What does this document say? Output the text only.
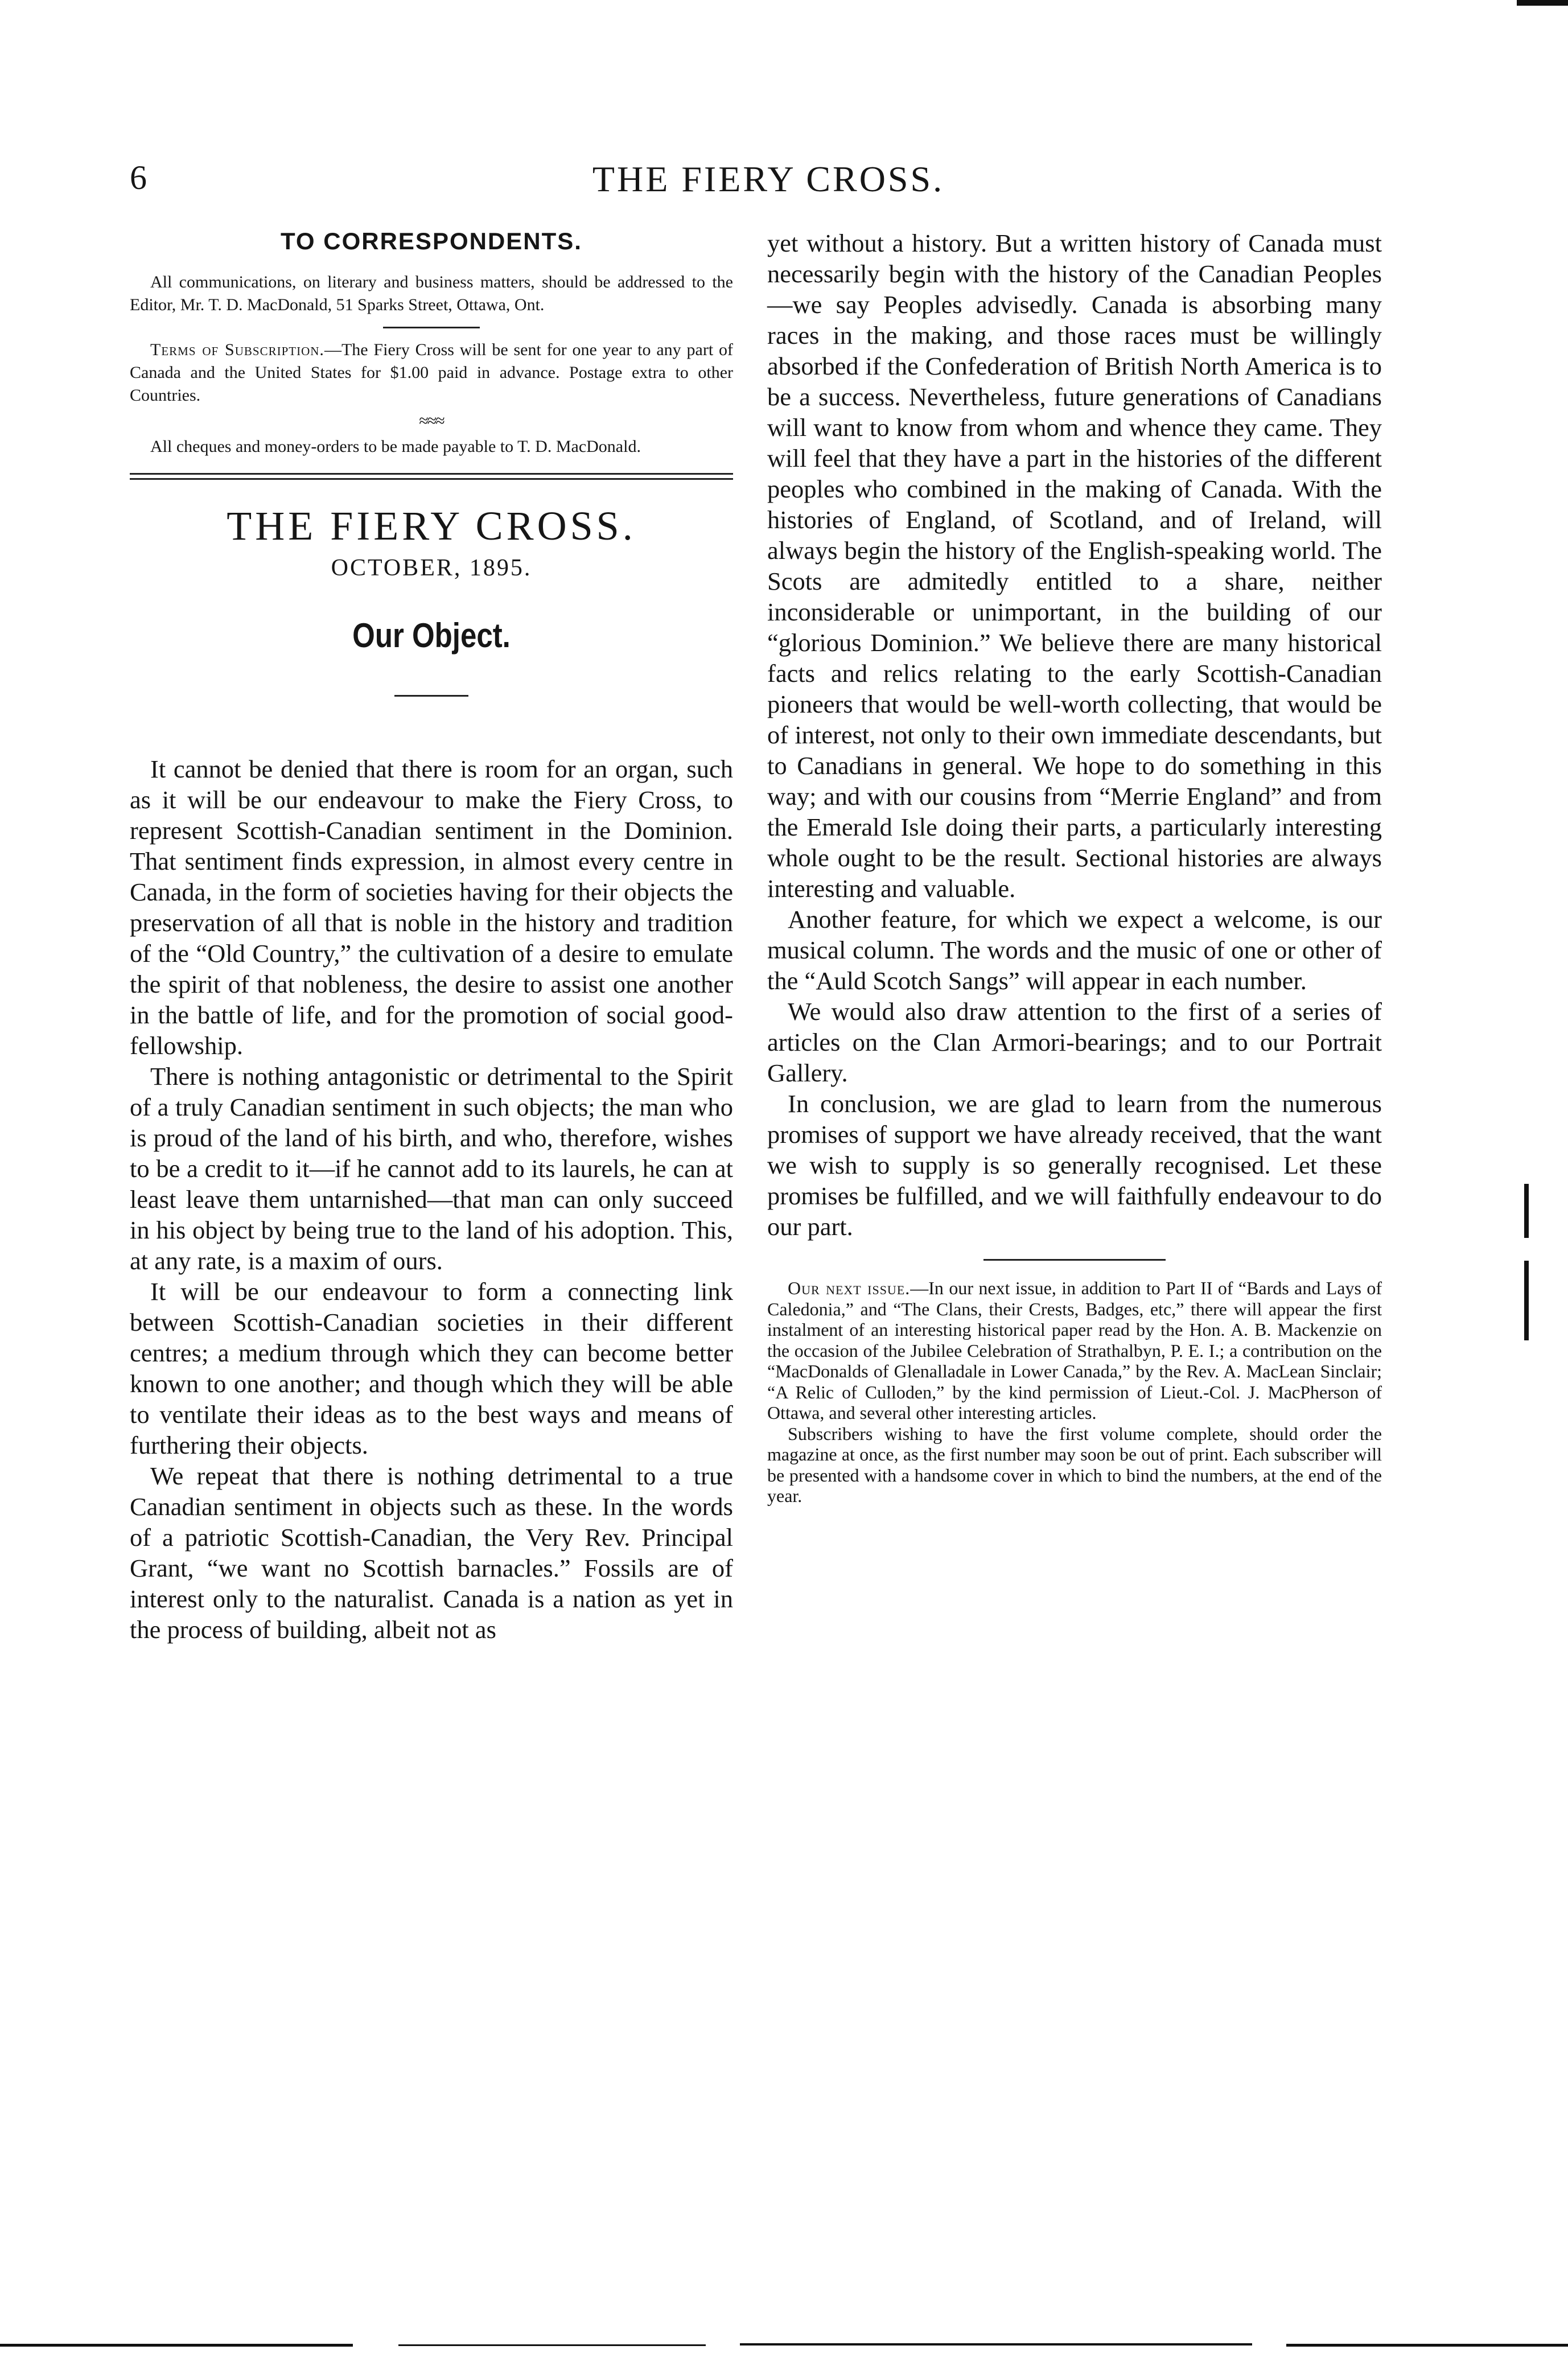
6	THE FIERY CROSS.
TO CORRESPONDENTS.

All communications, on literary and business matters, should be addressed to the Editor, Mr. T. D. MacDonald, 51 Sparks Street, Ottawa, Ont.

Terms of Subscription.—The Fiery Cross will be sent for one year to any part of Canada and the United States for $1.00 paid in advance. Postage extra to other Countries.

≈≈≈

All cheques and money-orders to be made payable to T. D. MacDonald.

THE FIERY CROSS.
OCTOBER, 1895.
Our Object.

It cannot be denied that there is room for an organ, such as it will be our endeavour to make the Fiery Cross, to represent Scottish-Canadian sentiment in the Dominion. That sentiment finds expression, in almost every centre in Canada, in the form of societies having for their objects the preservation of all that is noble in the history and tradition of the “Old Country,” the cultivation of a desire to emulate the spirit of that nobleness, the desire to assist one another in the battle of life, and for the promotion of social good-fellowship.

There is nothing antagonistic or detrimental to the Spirit of a truly Canadian sentiment in such objects; the man who is proud of the land of his birth, and who, therefore, wishes to be a credit to it—if he cannot add to its laurels, he can at least leave them untarnished—that man can only succeed in his object by being true to the land of his adoption. This, at any rate, is a maxim of ours.

It will be our endeavour to form a connecting link between Scottish-Canadian societies in their different centres; a medium through which they can become better known to one another; and though which they will be able to ventilate their ideas as to the best ways and means of furthering their objects.

We repeat that there is nothing detrimental to a true Canadian sentiment in objects such as these. In the words of a patriotic Scottish-Canadian, the Very Rev. Principal Grant, “we want no Scottish barnacles.” Fossils are of interest only to the naturalist. Canada is a nation as yet in the process of building, albeit not as

yet without a history. But a written history of Canada must necessarily begin with the history of the Canadian Peoples—we say Peoples advisedly. Canada is absorbing many races in the making, and those races must be willingly absorbed if the Confederation of British North America is to be a success. Nevertheless, future generations of Canadians will want to know from whom and whence they came. They will feel that they have a part in the histories of the different peoples who combined in the making of Canada. With the histories of England, of Scotland, and of Ireland, will always begin the history of the English-speaking world. The Scots are admitedly entitled to a share, neither inconsiderable or unimportant, in the building of our “glorious Dominion.” We believe there are many historical facts and relics relating to the early Scottish-Canadian pioneers that would be well-worth collecting, that would be of interest, not only to their own immediate descendants, but to Canadians in general. We hope to do something in this way; and with our cousins from “Merrie England” and from the Emerald Isle doing their parts, a particularly interesting whole ought to be the result. Sectional histories are always interesting and valuable.

Another feature, for which we expect a welcome, is our musical column. The words and the music of one or other of the “Auld Scotch Sangs” will appear in each number.

We would also draw attention to the first of a series of articles on the Clan Armori-bearings; and to our Portrait Gallery.

In conclusion, we are glad to learn from the numerous promises of support we have already received, that the want we wish to supply is so generally recognised. Let these promises be fulfilled, and we will faithfully endeavour to do our part.

Our next issue.—In our next issue, in addition to Part II of “Bards and Lays of Caledonia,” and “The Clans, their Crests, Badges, etc,” there will appear the first instalment of an interesting historical paper read by the Hon. A. B. Mackenzie on the occasion of the Jubilee Celebration of Strathalbyn, P. E. I.; a contribution on the “MacDonalds of Glenalladale in Lower Canada,” by the Rev. A. MacLean Sinclair; “A Relic of Culloden,” by the kind permission of Lieut.-Col. J. MacPherson of Ottawa, and several other interesting articles.

Subscribers wishing to have the first volume complete, should order the magazine at once, as the first number may soon be out of print. Each subscriber will be presented with a handsome cover in which to bind the numbers, at the end of the year.
